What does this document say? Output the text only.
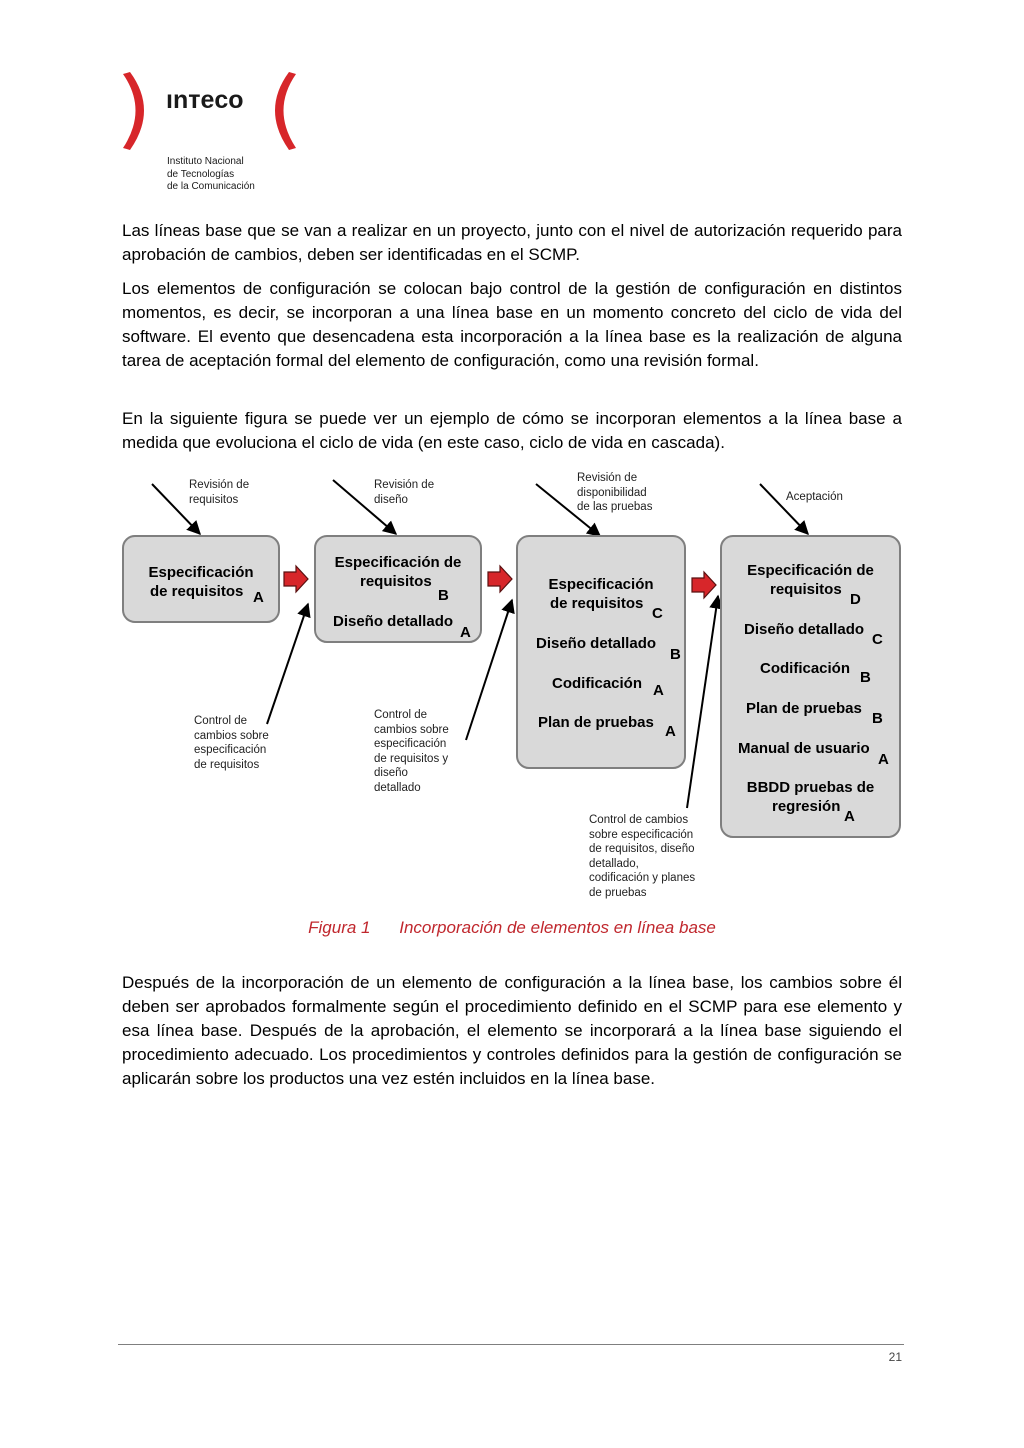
ınтeco
Instituto Nacional
de Tecnologías
de la Comunicación

Las líneas base que se van a realizar en un proyecto, junto con el nivel de autorización requerido para aprobación de cambios, deben ser identificadas en el SCMP.

Los elementos de configuración se colocan bajo control de la gestión de configuración en distintos momentos, es decir, se incorporan a una línea base en un momento concreto del ciclo de vida del software. El evento que desencadena esta incorporación a la línea base es la realización de alguna tarea de aceptación formal del elemento de configuración, como una revisión formal.

En la siguiente figura se puede ver un ejemplo de cómo se incorporan elementos a la línea base a medida que evoluciona el ciclo de vida (en este caso, ciclo de vida en cascada).

Revisión de
requisitos
Revisión de
diseño
Revisión de
disponibilidad
de las pruebas
Aceptación
Especificación
de requisitos A
Especificación de
requisitos
B
Diseño detallado
A
Especificación
de requisitos
C
Diseño detallado
B
Codificación A
Plan de pruebas
A
Especificación de
requisitos
D
Diseño detallado
C
Codificación
B
Plan de pruebas
B
Manual de usuario
A
BBDD pruebas de
regresión
A
Control de
cambios sobre
especificación
de requisitos
Control de
cambios sobre
especificación
de requisitos y
diseño
detallado
Control de cambios
sobre especificación
de requisitos, diseño
detallado,
codificación y planes
de pruebas
Figura 1 Incorporación de elementos en línea base

Después de la incorporación de un elemento de configuración a la línea base, los cambios sobre él deben ser aprobados formalmente según el procedimiento definido en el SCMP para ese elemento y esa línea base. Después de la aprobación, el elemento se incorporará a la línea base siguiendo el procedimiento adecuado. Los procedimientos y controles definidos para la gestión de configuración se aplicarán sobre los productos una vez estén incluidos en la línea base.

21
